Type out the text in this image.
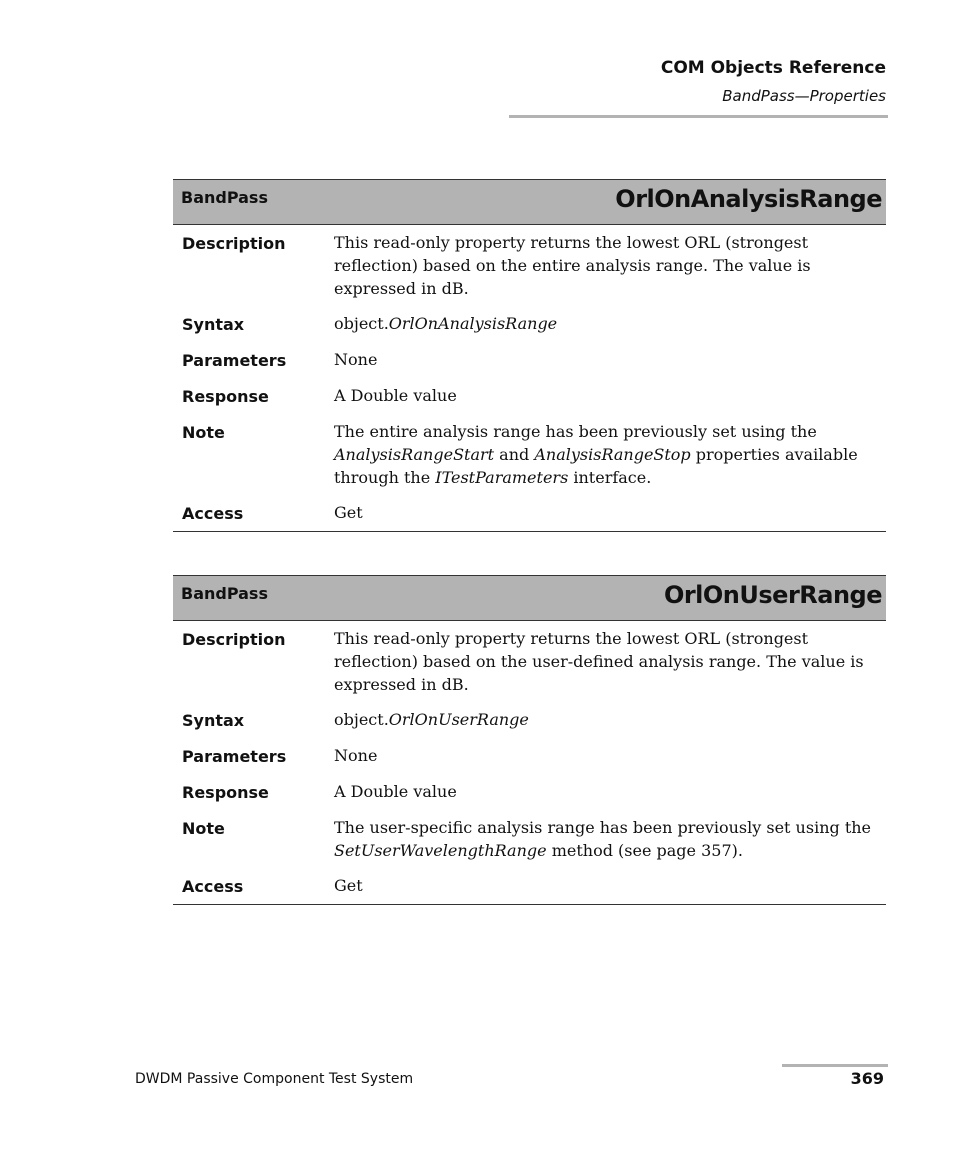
COM Objects Reference
BandPass—Properties
BandPass	OrlOnAnalysisRange
Description	This read-only property returns the lowest ORL (strongest reflection) based on the entire analysis range. The value is expressed in dB.
Syntax	object.OrlOnAnalysisRange
Parameters	None
Response	A Double value
Note	The entire analysis range has been previously set using the AnalysisRangeStart and AnalysisRangeStop properties available through the ITestParameters interface.
Access	Get
BandPass	OrlOnUserRange
Description	This read-only property returns the lowest ORL (strongest reflection) based on the user-defined analysis range. The value is expressed in dB.
Syntax	object.OrlOnUserRange
Parameters	None
Response	A Double value
Note	The user-specific analysis range has been previously set using the SetUserWavelengthRange method (see page 357).
Access	Get
DWDM Passive Component Test System	369
